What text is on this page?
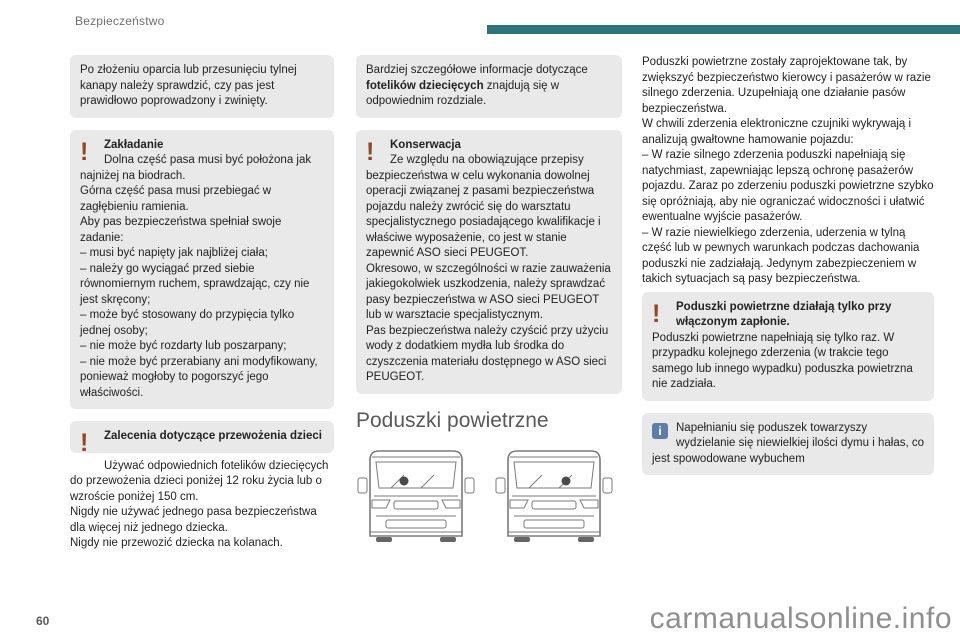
Bezpieczeństwo

Po złożeniu oparcia lub przesunięciu tylnej kanapy należy sprawdzić, czy pas jest prawidłowo poprowadzony i zwinięty.

!	Zakładanie

Dolna część pasa musi być położona jak najniżej na biodrach.

Górna część pasa musi przebiegać w zagłębieniu ramienia.

Aby pas bezpieczeństwa spełniał swoje zadanie:

– musi być napięty jak najbliżej ciała;

– należy go wyciągać przed siebie równomiernym ruchem, sprawdzając, czy nie jest skręcony;

– może być stosowany do przypięcia tylko jednej osoby;

– nie może być rozdarty lub poszarpany;

– nie może być przerabiany ani modyfikowany, ponieważ mogłoby to pogorszyć jego właściwości.

!	Zalecenia dotyczące przewożenia dzieci

Używać odpowiednich fotelików dziecięcych do przewożenia dzieci poniżej 12 roku życia lub o wzroście poniżej 150 cm.

Nigdy nie używać jednego pasa bezpieczeństwa dla więcej niż jednego dziecka.

Nigdy nie przewozić dziecka na kolanach.

Bardziej szczegółowe informacje dotyczące fotelików dziecięcych znajdują się w odpowiednim rozdziale.

!	Konserwacja

Ze względu na obowiązujące przepisy bezpieczeństwa w celu wykonania dowolnej operacji związanej z pasami bezpieczeństwa pojazdu należy zwrócić się do warsztatu specjalistycznego posiadającego kwalifikacje i właściwe wyposażenie, co jest w stanie zapewnić ASO sieci PEUGEOT.

Okresowo, w szczególności w razie zauważenia jakiegokolwiek uszkodzenia, należy sprawdzać pasy bezpieczeństwa w ASO sieci PEUGEOT lub w warsztacie specjalistycznym.

Pas bezpieczeństwa należy czyścić przy użyciu wody z dodatkiem mydła lub środka do czyszczenia materiału dostępnego w ASO sieci PEUGEOT.

Poduszki powietrzne

Poduszki powietrzne zostały zaprojektowane tak, by zwiększyć bezpieczeństwo kierowcy i pasażerów w razie silnego zderzenia. Uzupełniają one działanie pasów bezpieczeństwa.

W chwili zderzenia elektroniczne czujniki wykrywają i analizują gwałtowne hamowanie pojazdu:

– W razie silnego zderzenia poduszki napełniają się natychmiast, zapewniając lepszą ochronę pasażerów pojazdu. Zaraz po zderzeniu poduszki powietrzne szybko się opróżniają, aby nie ograniczać widoczności i ułatwić ewentualne wyjście pasażerów.

– W razie niewielkiego zderzenia, uderzenia w tylną część lub w pewnych warunkach podczas dachowania poduszki nie zadziałają. Jedynym zabezpieczeniem w takich sytuacjach są pasy bezpieczeństwa.

!	Poduszki powietrzne działają tylko przy włączonym zapłonie.

Poduszki powietrzne napełniają się tylko raz. W przypadku kolejnego zderzenia (w trakcie tego samego lub innego wypadku) poduszka powietrzna nie zadziała.

i	Napełnianiu się poduszek towarzyszy wydzielanie się niewielkiej ilości dymu i hałas, co jest spowodowane wybuchem

60	carmanualsonline.info
